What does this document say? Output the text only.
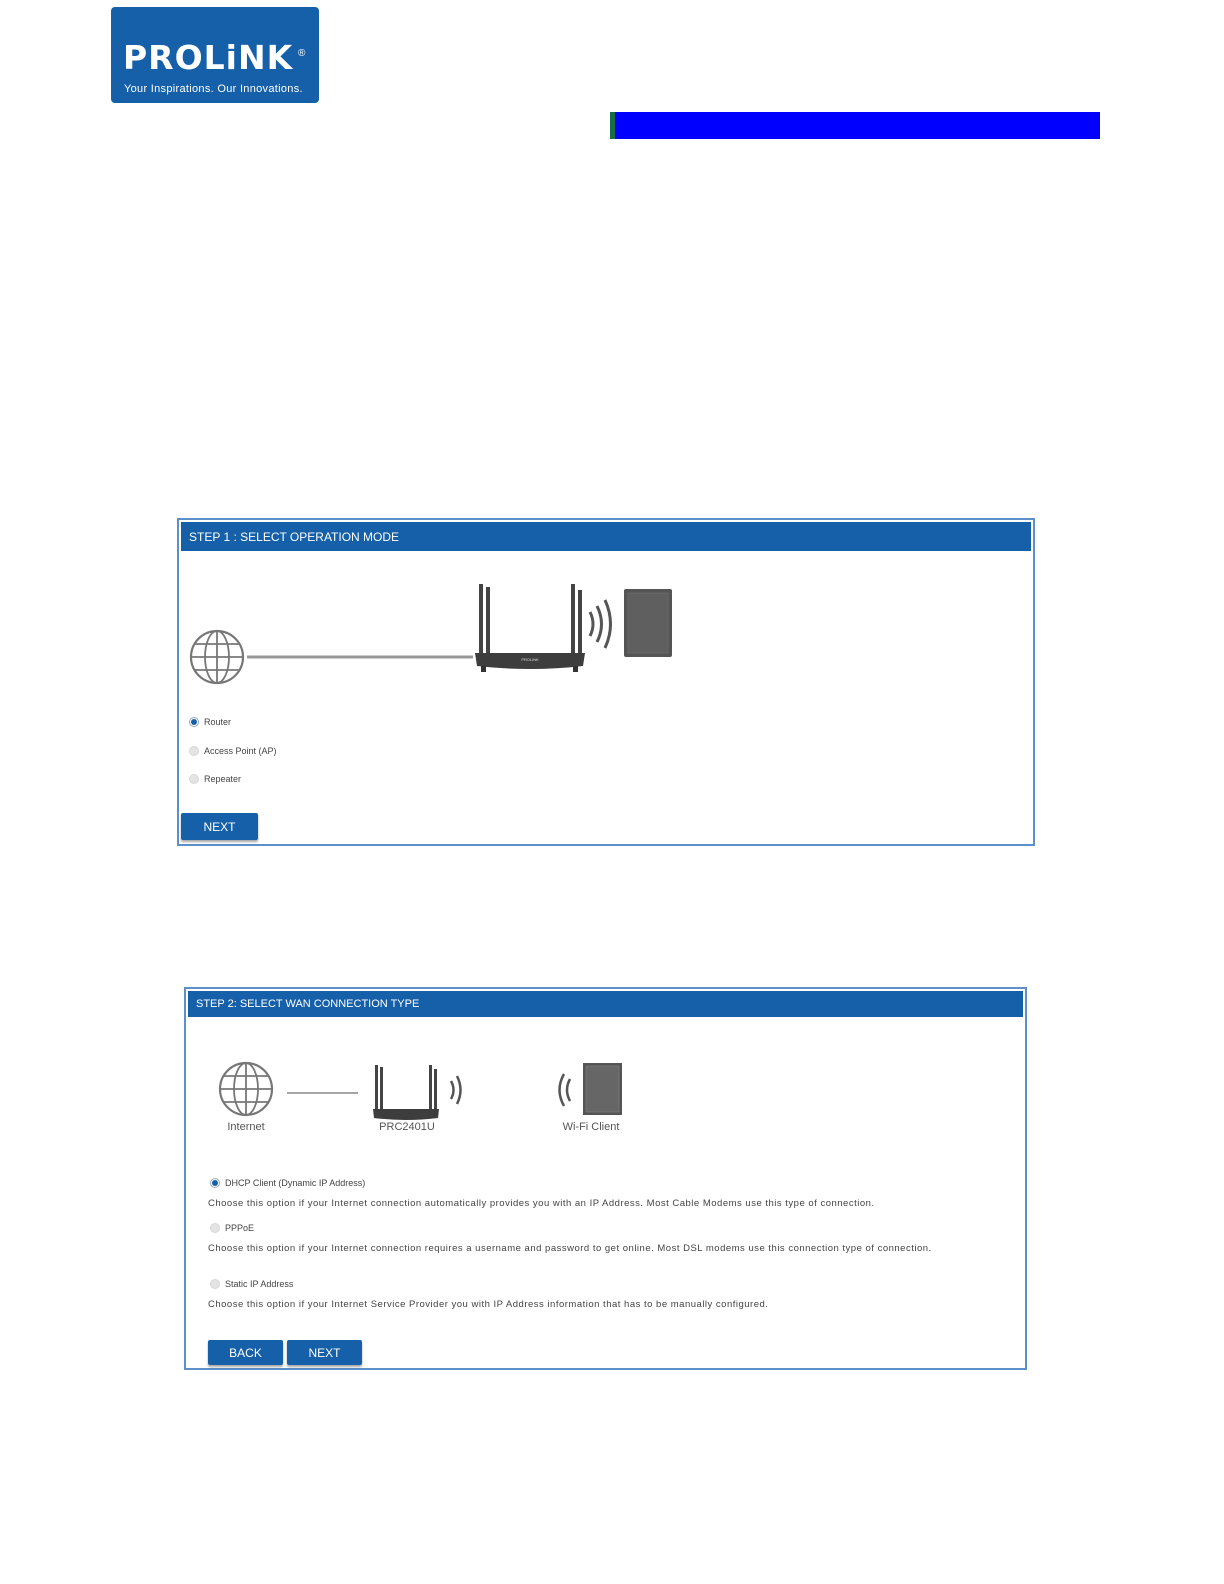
PROLiNK ®
Your Inspirations. Our Innovations.
STEP 1 : SELECT OPERATION MODE
PROLiNK
Router
Access Point (AP)
Repeater
NEXT
STEP 2: SELECT WAN CONNECTION TYPE
Internet	PRC2401U	Wi-Fi Client
DHCP Client (Dynamic IP Address)
Choose this option if your Internet connection automatically provides you with an IP Address. Most Cable Modems use this type of connection.
PPPoE
Choose this option if your Internet connection requires a username and password to get online. Most DSL modems use this connection type of connection.
Static IP Address
Choose this option if your Internet Service Provider you with IP Address information that has to be manually configured.
BACK	NEXT
